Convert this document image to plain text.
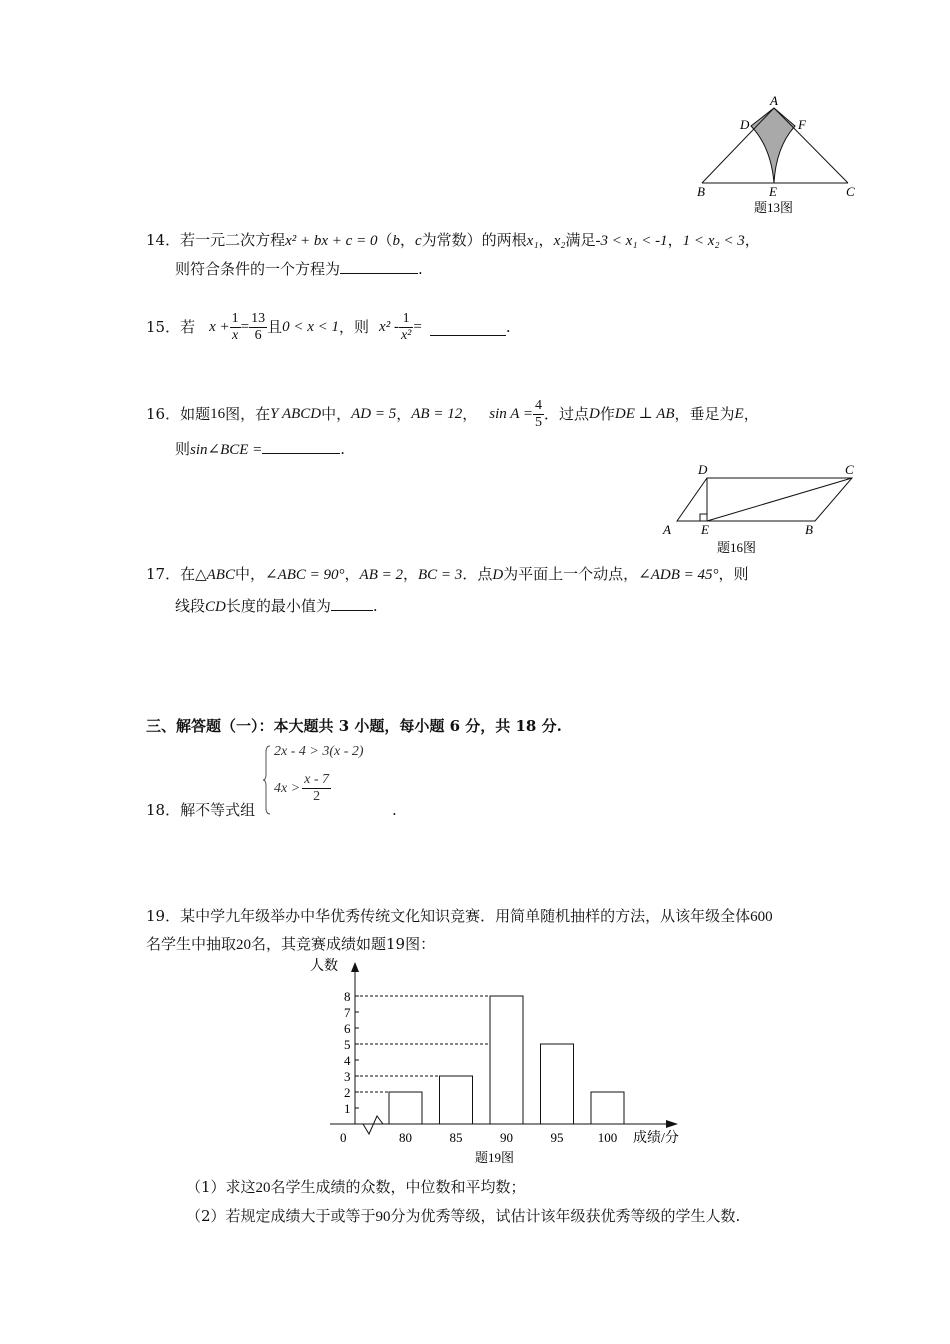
A
D	F
B	E	C
题13图
14．若一元二次方程x² + bx + c = 0（b，c为常数）的两根x₁，x₂满足-3 < x₁ < -1，1 < x₂ < 3，
则符合条件的一个方程为	.
15． 若 $x + \frac{1}{x} = \frac{13}{6}$ 且 0 < x < 1 ，则 $x^2 - \frac{1}{\text{x²}}$ =	.
16． 如题 16 图，在 Y ABCD 中， AD = 5 ， AB = 12 ， $\sin A = \frac{4}{5}$ ．过点 D 作 DE ⊥ AB ，垂足为 E ，
则sin∠BCE =	.
D	C
A E	B
题16图
17．在△ABC中，∠ABC = 90°，AB = 2，BC = 3．点D为平面上一个动点，∠ADB = 45°，则
线段CD长度的最小值为	.
三、解答题（一）：本大题共 3 小题，每小题 6 分，共 18 分.
18．解不等式组
2x - 4 > 3(x - 2)
$4x > \frac{x - 7}{2}$
.
19．某中学九年级举办中华优秀传统文化知识竞赛．用简单随机抽样的方法，从该年级全体600
名学生中抽取20名，其竞赛成绩如题19图：
人数
0
1
2
3
4
5
6
7
8
80	85	90	95	100 成绩/分
题19图
（1）求这20名学生成绩的众数，中位数和平均数；
（2）若规定成绩大于或等于90分为优秀等级，试估计该年级获优秀等级的学生人数.
